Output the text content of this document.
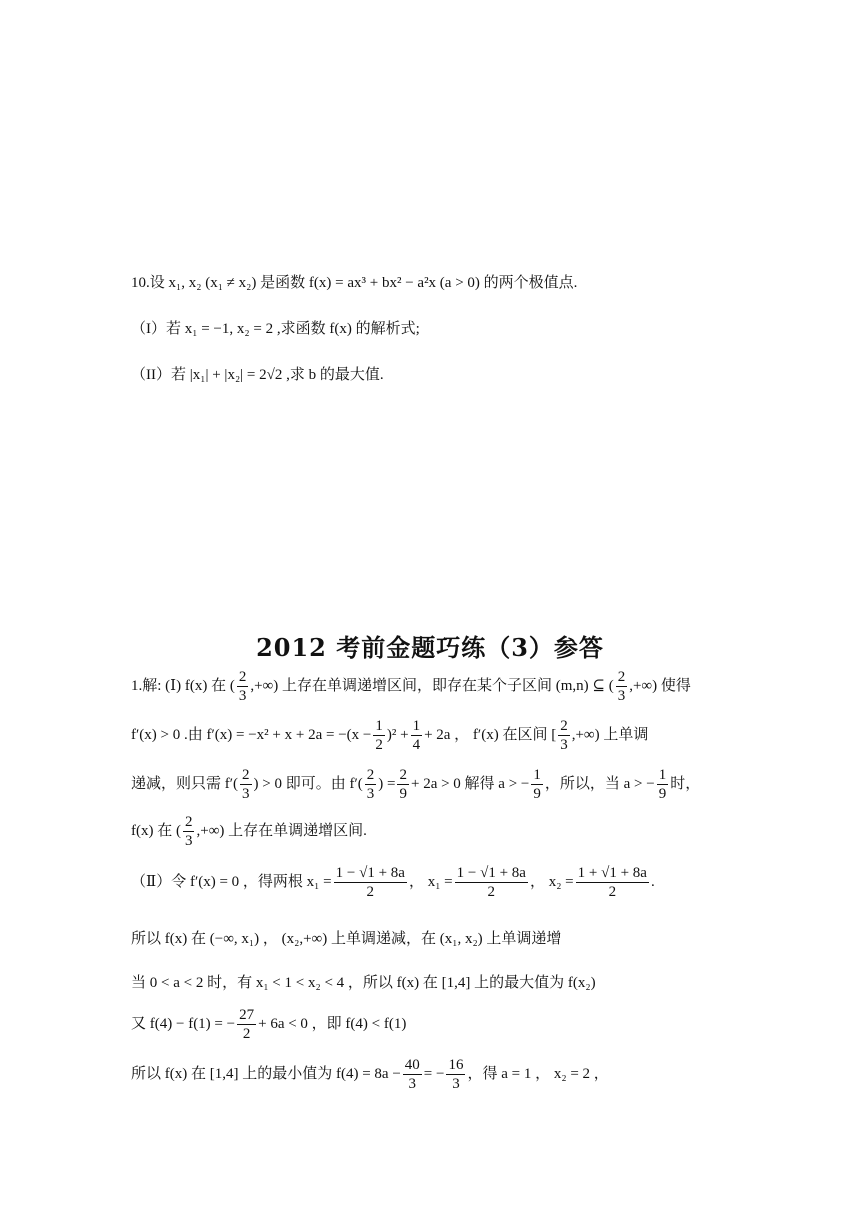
10.设 x₁, x₂ (x₁ ≠ x₂) 是函数 f(x) = ax³ + bx² − a²x (a > 0) 的两个极值点.
（I）若 x₁ = −1, x₂ = 2 ,求函数 f(x) 的解析式;
（II）若 |x₁| + |x₂| = 2√2 ,求 b 的最大值.
2012 考前金题巧练（3）参答
1.解: (Ⅰ) f(x) 在 ( $\frac{2}{3}$ ,+∞) 上存在单调递增区间，即存在某个子区间 (m,n) ⊆ ( $\frac{2}{3}$ ,+∞) 使得
f′(x) > 0 .由 $f'(x) = -x^2 + x + 2a = -(x - \frac{1}{2} )^2 + \frac{1}{4} + 2a$ ， f′(x) 在区间 [ $\frac{2}{3}$ ,+∞) 上单调
递减，则只需 $f'( \frac{2}{3}$ ) > 0 即可。由 $f'( \frac{2}{3}$ ) = $\frac{2}{9} + 2a > 0$ 解得 a > − $\frac{1}{9}$ ，所以，当 a > − $\frac{1}{9}$ 时，
f(x) 在 ( $\frac{2}{3}$ ,+∞) 上存在单调递增区间.
（Ⅱ）令 f′(x) = 0 ，得两根 $x_1 = \frac{1 - √1 + 8a}{2}$ ， $x_1 = \frac{1 - √1 + 8a}{2}$ ， $x_2 = \frac{1 + √1 + 8a}{2}$ .
所以 f(x) 在 (−∞, x₁) ， (x₂,+∞) 上单调递减，在 (x₁, x₂) 上单调递增
当 0 < a < 2 时，有 x₁ < 1 < x₂ < 4 ，所以 f(x) 在 [1,4] 上的最大值为 f(x₂)
又 f(4) − f(1) = − $\frac{27}{2} + 6a < 0$ ，即 f(4) < f(1)
所以 f(x) 在 [1,4] 上的最小值为 $f(4) = 8a - \frac{40}{3}$ = − $\frac{16}{3}$ ，得 a = 1 ， x₂ = 2 ，
